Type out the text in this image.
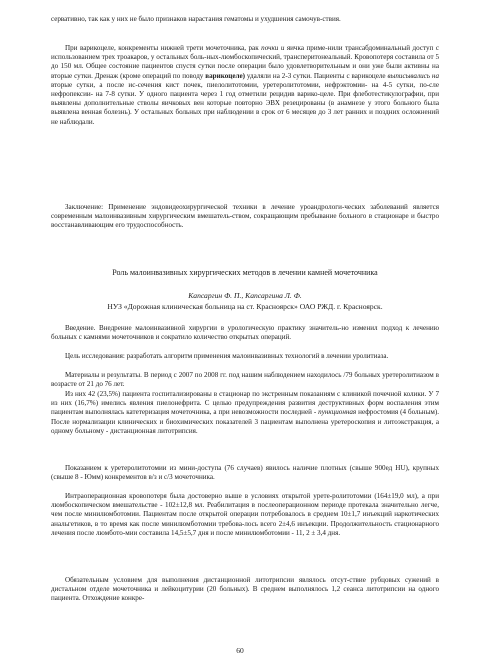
сервативно, так как у них не было признаков нарастания гематомы и ухудшения самочув-ствия.

При варикоцеле, конкременты нижней трети мочеточника, рак почки и яичка приме-нили трансабдоминальный доступ с использованием трех троакаров, у остальных боль-ных-люмбоскопический, трансперитонеальный. Кровопотеря составила от 5 до 150 мл. Общее состояние пациентов спустя сутки после операции было удовлетворительным и они уже были активны на вторые сутки. Дренаж (кроме операций по поводу варикоцеле) удаляли на 2-3 сутки. Пациенты с варикоцеле выписывались на вторые сутки, а после ис-сечения кист почек, пиелолитотомии, уретеролитотомии, нефрэктомии- на 4-5 сутки, по-сле нефропексии- на 7-8 сутки. У одного пациента через 1 год отметили рецидив варико-целе. При флеботестикулографии, при выявлены дополнительные стволы яичковых вен которые повторно ЭВХ резецированы (в анамнезе у этого больного была выявлена венная болезнь). У остальных больных при наблюдении в срок от 6 месяцев до 3 лет ранних и поздних осложнений не наблюдали.

Заключение: Применение эндовидеохирургической техники в лечение уроандрологи-ческих заболеваний является современным малоинвазивным хирургическим вмешатель-ством, сокращающим пребывание больного в стационаре и быстро восстанавливающим его трудоспособность.

Роль малоинвазивных хирургических методов в лечении камней мочеточника

Капсаргин Ф. П., Капсаргина Л. Ф.

НУЗ «Дорожная клиническая больница на ст. Красноярск» ОАО РЖД. г. Красноярск.

Введение. Внедрение малоинвазивной хирургии в урологическую практику значитель-но изменил подход к лечению больных с камнями мочеточников и сократило количество открытых операций.

Цель исследования: разработать алгоритм применения малоинвазивных технологий в лечении уролитиаза.

Материалы и результаты. В период с 2007 по 2008 гг. под нашим наблюдением находилось /79 больных уретеролитиазом в возрасте от 21 до 76 лет.

Из них 42 (23,5%) пациента госпитализированы в стационар по экстренным показаниям с клиникой почечной колики. У 7 из них (16,7%) имелись явления пиелонефрита. С целью предупреждения развития деструктивных форм воспаления этим пациентам выполнялась катетеризация мочеточника, а при невозможности последней - пункционная нефростомия (4 больным). После нормализации клинических и биохимических показателей 3 пациентам выполнена уретероскопия и литоэкстракция, а одному больному - дистанционная литотрипсия.

Показанием к уретеролитотомии из мини-доступа (76 случаев) явилось наличие плотных (свыше 900ед HU), крупных (свыше 8 - Юмм) конкрементов в/з и с/3 мочеточника.

Интраоперационная кровопотеря была достоверно выше в условиях открытой урете-ролитотомии (164±19,0 мл), а при люмбоскопическом вмешательстве - 102±12,8 мл. Реабилитация в послеоперационном периоде протекала значительно легче, чем после минилюмботомии. Пациентам после открытой операции потребовалось в среднем 10±1,7 инъекций наркотических анальгетиков, в то время как после минилюмботомии требова-лось всего 2±4,6 инъекции. Продолжительность стационарного лечения после люмбото-мии составила 14,5±5,7 дня и после минилюмботомии - 11, 2 ± 3,4 дня.

Обязательным условием для выполнения дистанционной литотрипсии являлось отсут-ствие рубцовых сужений в дистальном отделе мочеточника и лейкоцитурии (20 больных). В среднем выполнялось 1,2 сеанса литотрипсии на одного пациента. Отхождение конкре-

60
